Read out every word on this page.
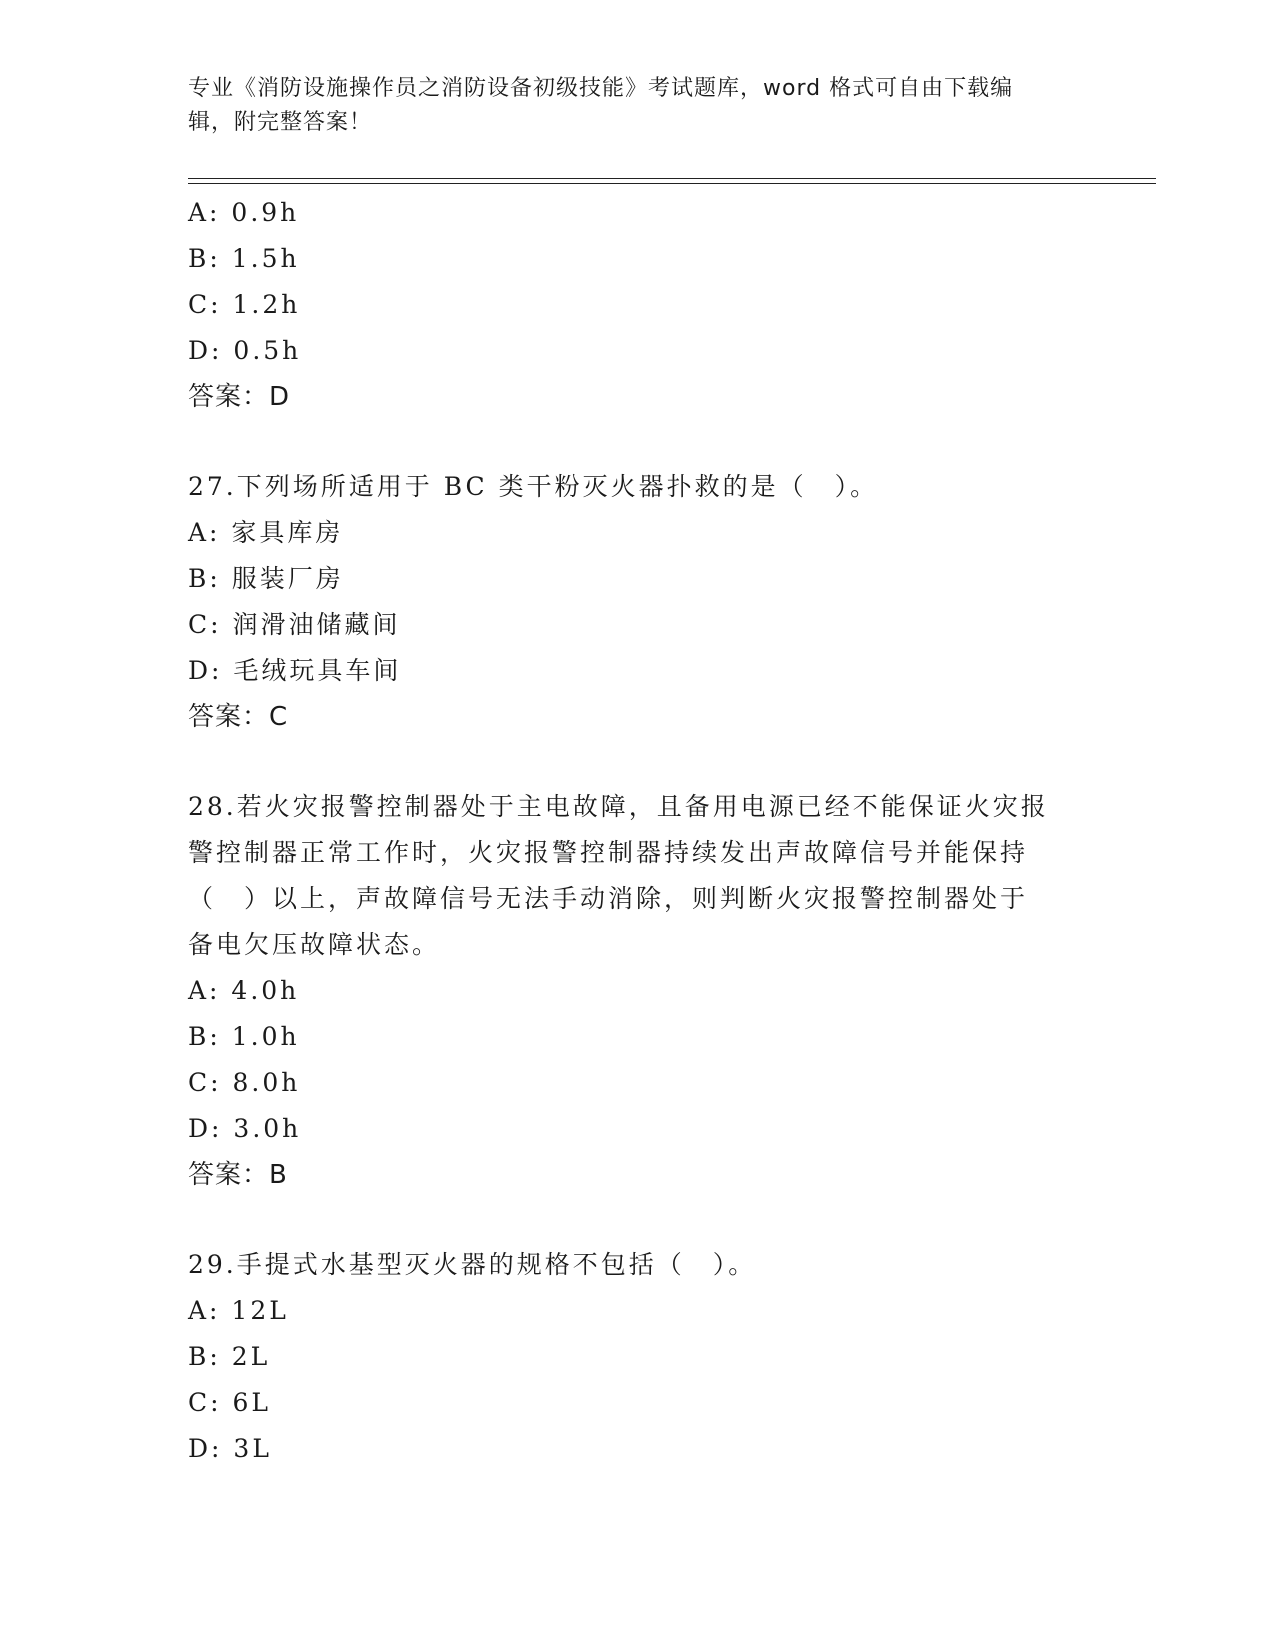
专业《消防设施操作员之消防设备初级技能》考试题库，word 格式可自由下载编
辑，附完整答案！
A: 0.9h
B: 1.5h
C: 1.2h
D: 0.5h
答案：D
27.下列场所适用于 BC 类干粉灭火器扑救的是（　）。
A: 家具库房
B: 服装厂房
C: 润滑油储藏间
D: 毛绒玩具车间
答案：C
28.若火灾报警控制器处于主电故障，且备用电源已经不能保证火灾报
警控制器正常工作时，火灾报警控制器持续发出声故障信号并能保持
（　）以上，声故障信号无法手动消除，则判断火灾报警控制器处于
备电欠压故障状态。
A: 4.0h
B: 1.0h
C: 8.0h
D: 3.0h
答案：B
29.手提式水基型灭火器的规格不包括（　）。
A: 12L
B: 2L
C: 6L
D: 3L
